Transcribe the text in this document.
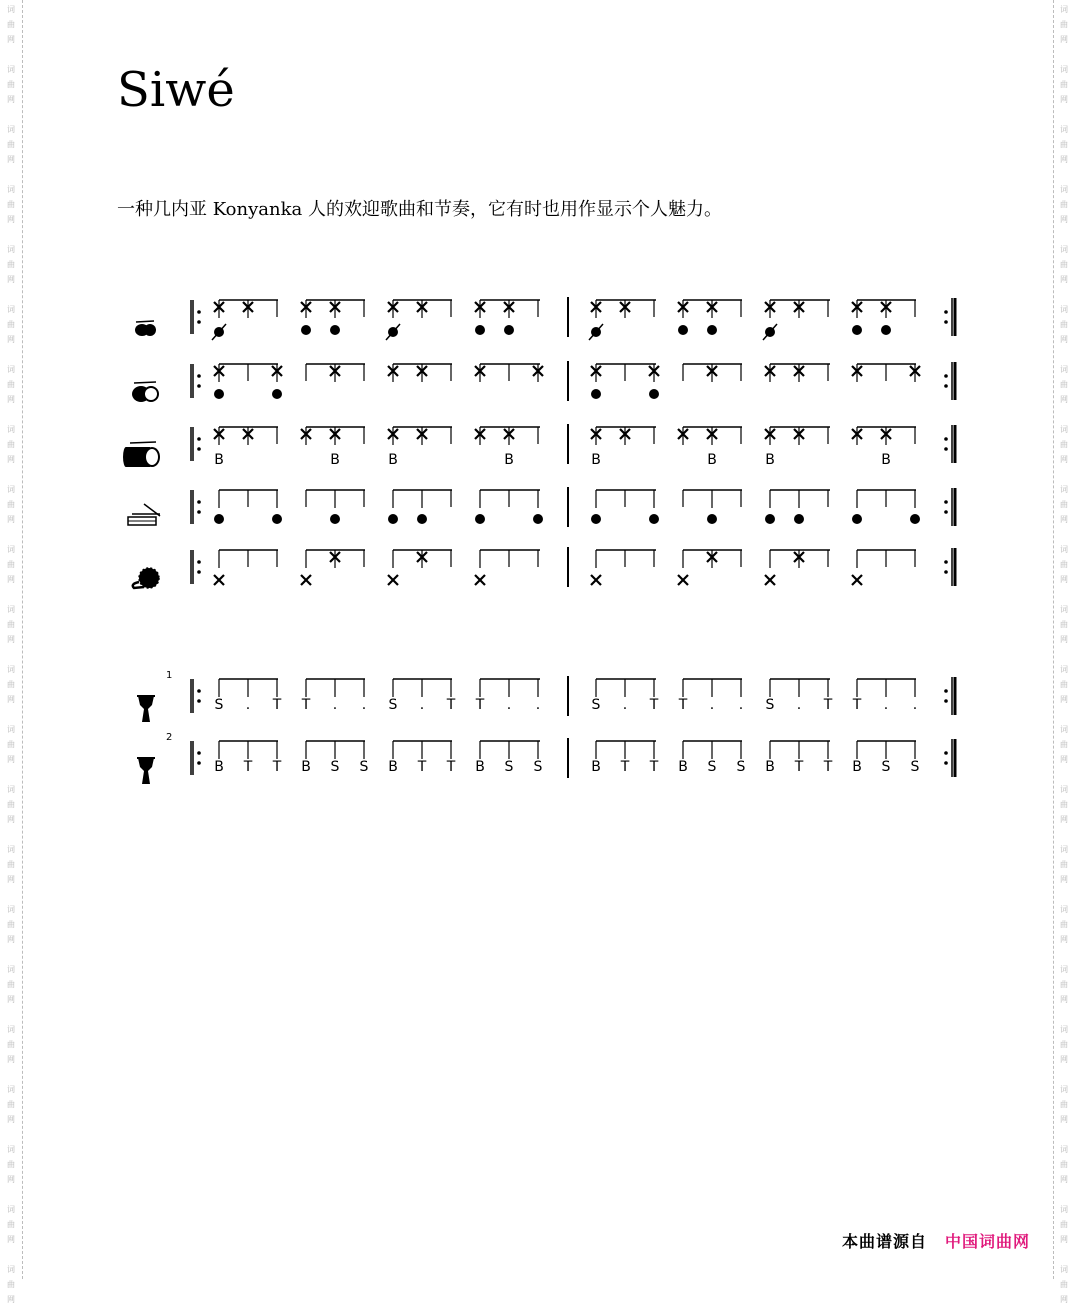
词
曲
网
词
曲
网
词
曲
网
词
曲
网
词
曲
网
词
曲
网
词
曲
网
词
曲
网
词
曲
网
词
曲
网
词
曲
网
词
曲
网
词
曲
网
词
曲
网
词
曲
网
词
曲
网
词
曲
网
词
曲
网
词
曲
网
词
曲
网
词
曲
网
词
曲
网
词
曲
网
词
曲
网
词
曲
网
词
曲
网
词
曲
网
词
曲
网
词
曲
网
词
曲
网
词
曲
网
词
曲
网
词
曲
网
词
曲
网
词
曲
网
词
曲
网
词
曲
网
词
曲
网
词
曲
网
词
曲
网
词
曲
网
词
曲
网
词
曲
网
词
曲
网
Siwé
一种几内亚 Konyanka 人的欢迎歌曲和节奏，它有时也用作显示个人魅力。
B	B	B	B	B	B	B	B
1
S . T T . . S . T T . .	S . T T . . S . T T . .
2
B T T B S S B T T B S S	B T T B S S B T T B S S
本曲谱源自 中国词曲网
